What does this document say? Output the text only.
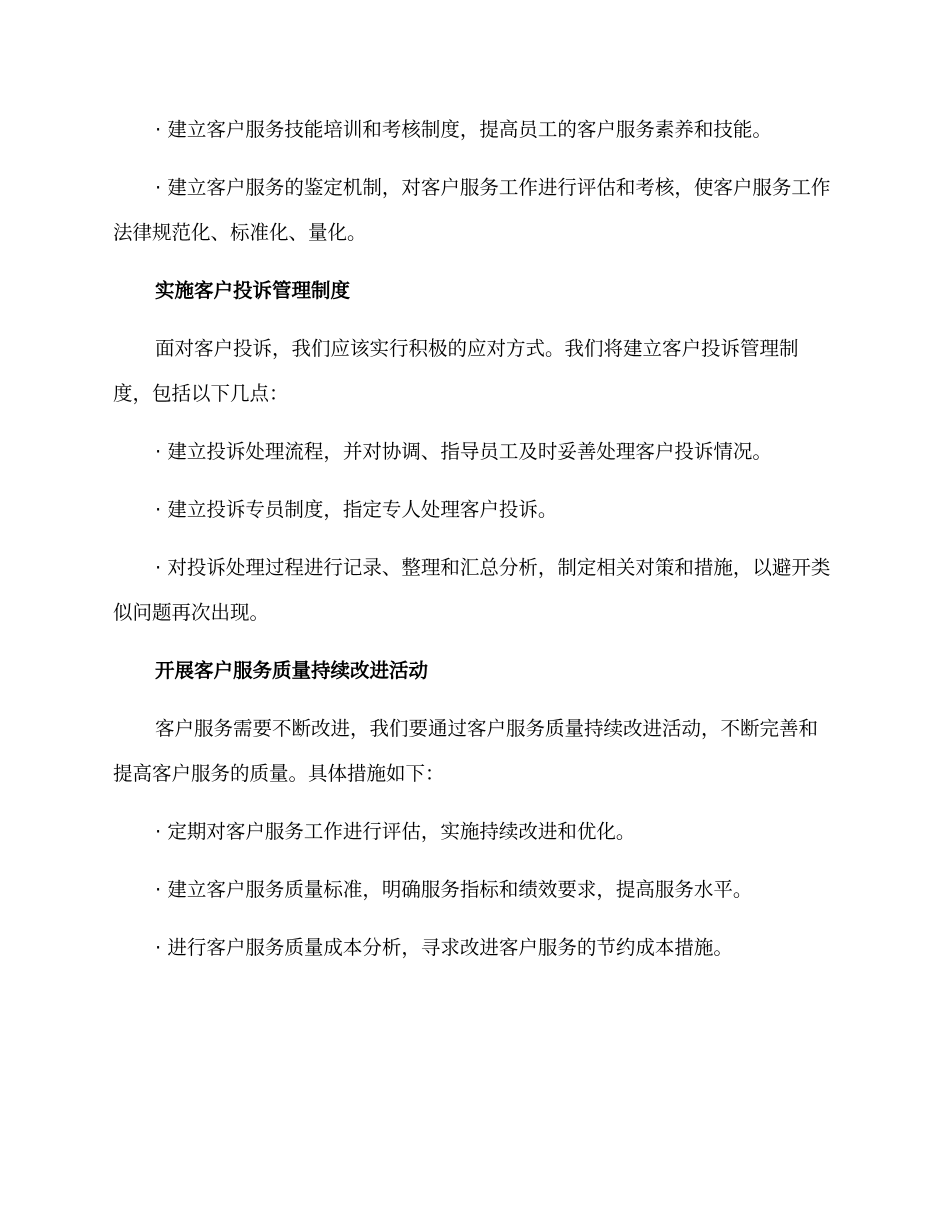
· 建立客户服务技能培训和考核制度，提高员工的客户服务素养和技能。

· 建立客户服务的鉴定机制，对客户服务工作进行评估和考核，使客户服务工作法律规范化、标准化、量化。

实施客户投诉管理制度

面对客户投诉，我们应该实行积极的应对方式。我们将建立客户投诉管理制度，包括以下几点：

· 建立投诉处理流程，并对协调、指导员工及时妥善处理客户投诉情况。

· 建立投诉专员制度，指定专人处理客户投诉。

· 对投诉处理过程进行记录、整理和汇总分析，制定相关对策和措施，以避开类似问题再次出现。

开展客户服务质量持续改进活动

客户服务需要不断改进，我们要通过客户服务质量持续改进活动，不断完善和提高客户服务的质量。具体措施如下：

· 定期对客户服务工作进行评估，实施持续改进和优化。

· 建立客户服务质量标准，明确服务指标和绩效要求，提高服务水平。

· 进行客户服务质量成本分析，寻求改进客户服务的节约成本措施。
